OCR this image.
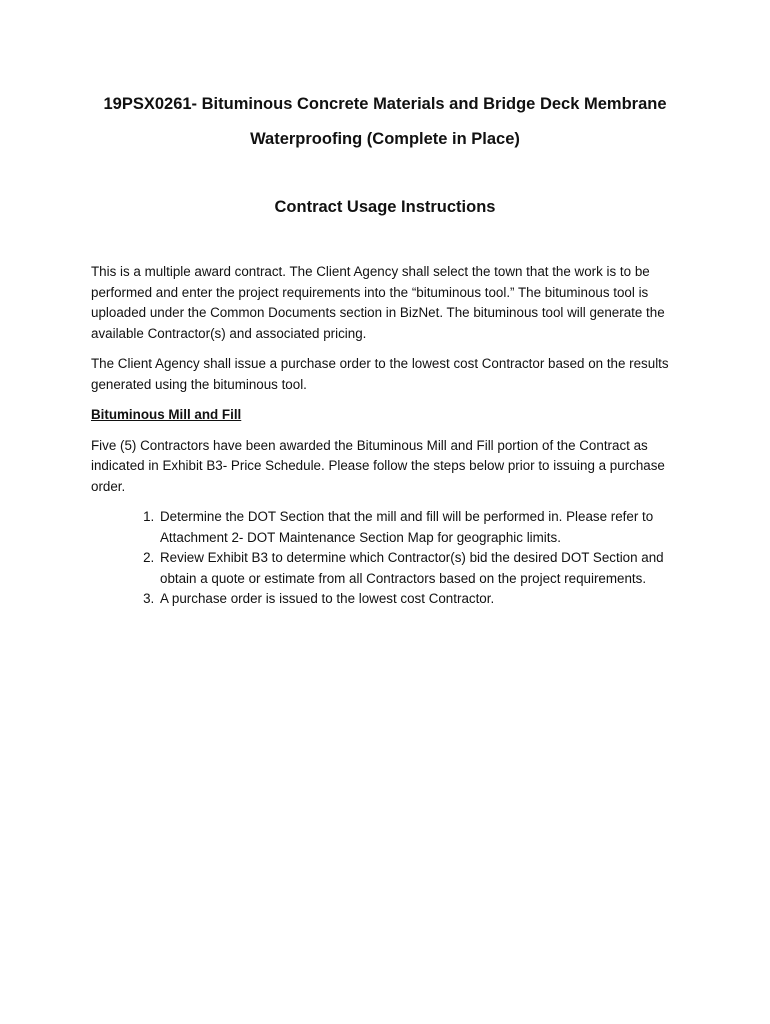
19PSX0261- Bituminous Concrete Materials and Bridge Deck Membrane
Waterproofing (Complete in Place)
Contract Usage Instructions

This is a multiple award contract. The Client Agency shall select the town that the work is to be performed and enter the project requirements into the “bituminous tool.” The bituminous tool is uploaded under the Common Documents section in BizNet. The bituminous tool will generate the available Contractor(s) and associated pricing.

The Client Agency shall issue a purchase order to the lowest cost Contractor based on the results generated using the bituminous tool.

Bituminous Mill and Fill

Five (5) Contractors have been awarded the Bituminous Mill and Fill portion of the Contract as indicated in Exhibit B3- Price Schedule. Please follow the steps below prior to issuing a purchase order.

1. Determine the DOT Section that the mill and fill will be performed in. Please refer to Attachment 2- DOT Maintenance Section Map for geographic limits.
2. Review Exhibit B3 to determine which Contractor(s) bid the desired DOT Section and obtain a quote or estimate from all Contractors based on the project requirements.
3. A purchase order is issued to the lowest cost Contractor.
